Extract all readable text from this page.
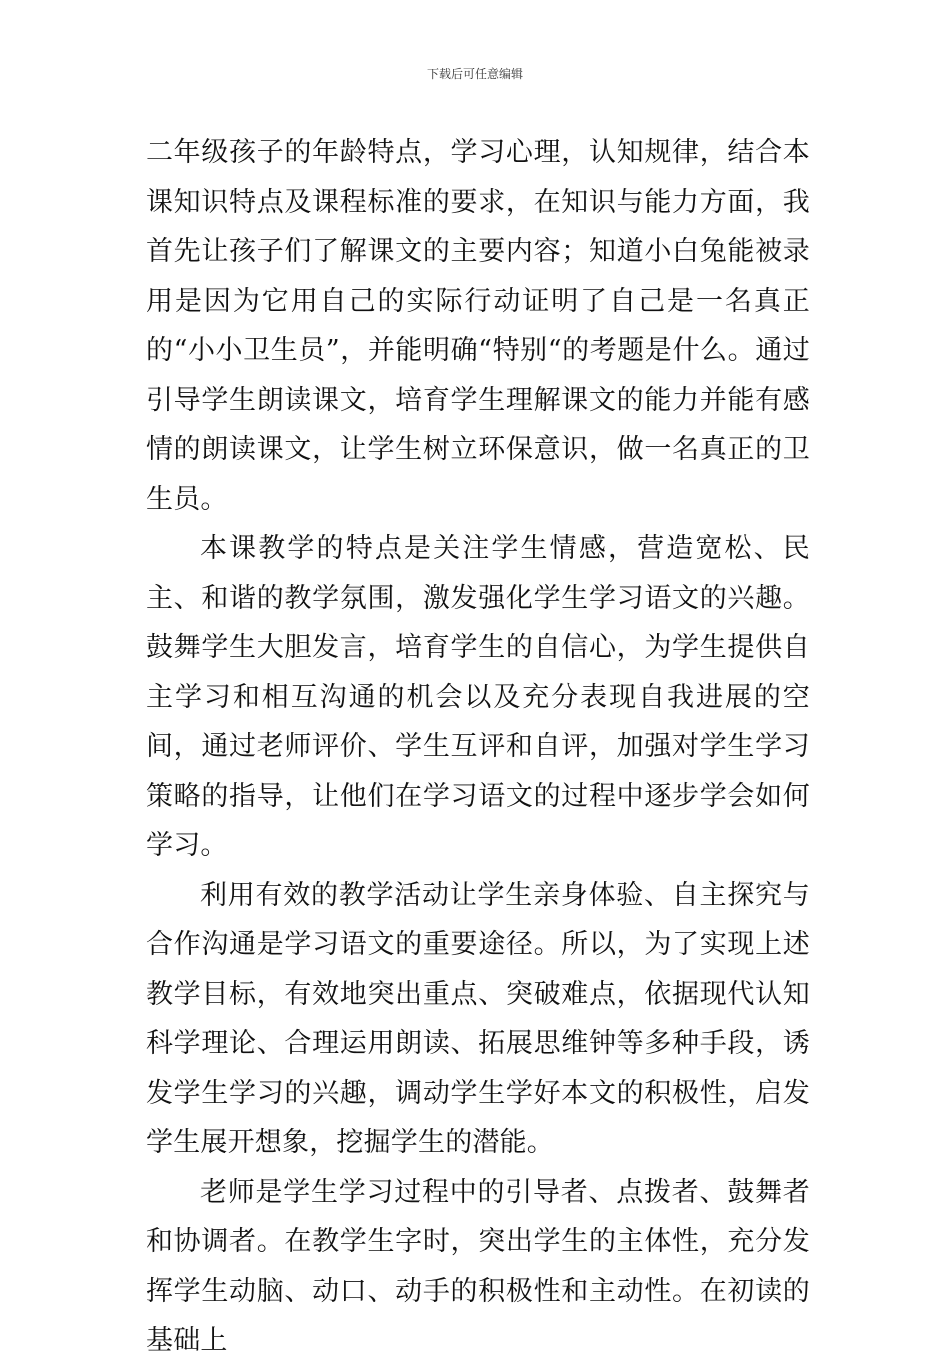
下载后可任意编辑

二年级孩子的年龄特点，学习心理，认知规律，结合本课知识特点及课程标准的要求，在知识与能力方面，我首先让孩子们了解课文的主要内容；知道小白兔能被录用是因为它用自己的实际行动证明了自己是一名真正的“小小卫生员”，并能明确“特别“的考题是什么。通过引导学生朗读课文，培育学生理解课文的能力并能有感情的朗读课文，让学生树立环保意识，做一名真正的卫生员。

本课教学的特点是关注学生情感，营造宽松、民主、和谐的教学氛围，激发强化学生学习语文的兴趣。鼓舞学生大胆发言，培育学生的自信心，为学生提供自主学习和相互沟通的机会以及充分表现自我进展的空间，通过老师评价、学生互评和自评，加强对学生学习策略的指导，让他们在学习语文的过程中逐步学会如何学习。

利用有效的教学活动让学生亲身体验、自主探究与合作沟通是学习语文的重要途径。所以，为了实现上述教学目标，有效地突出重点、突破难点，依据现代认知科学理论、合理运用朗读、拓展思维钟等多种手段，诱发学生学习的兴趣，调动学生学好本文的积极性，启发学生展开想象，挖掘学生的潜能。

老师是学生学习过程中的引导者、点拨者、鼓舞者和协调者。在教学生字时，突出学生的主体性，充分发挥学生动脑、动口、动手的积极性和主动性。在初读的基础上
